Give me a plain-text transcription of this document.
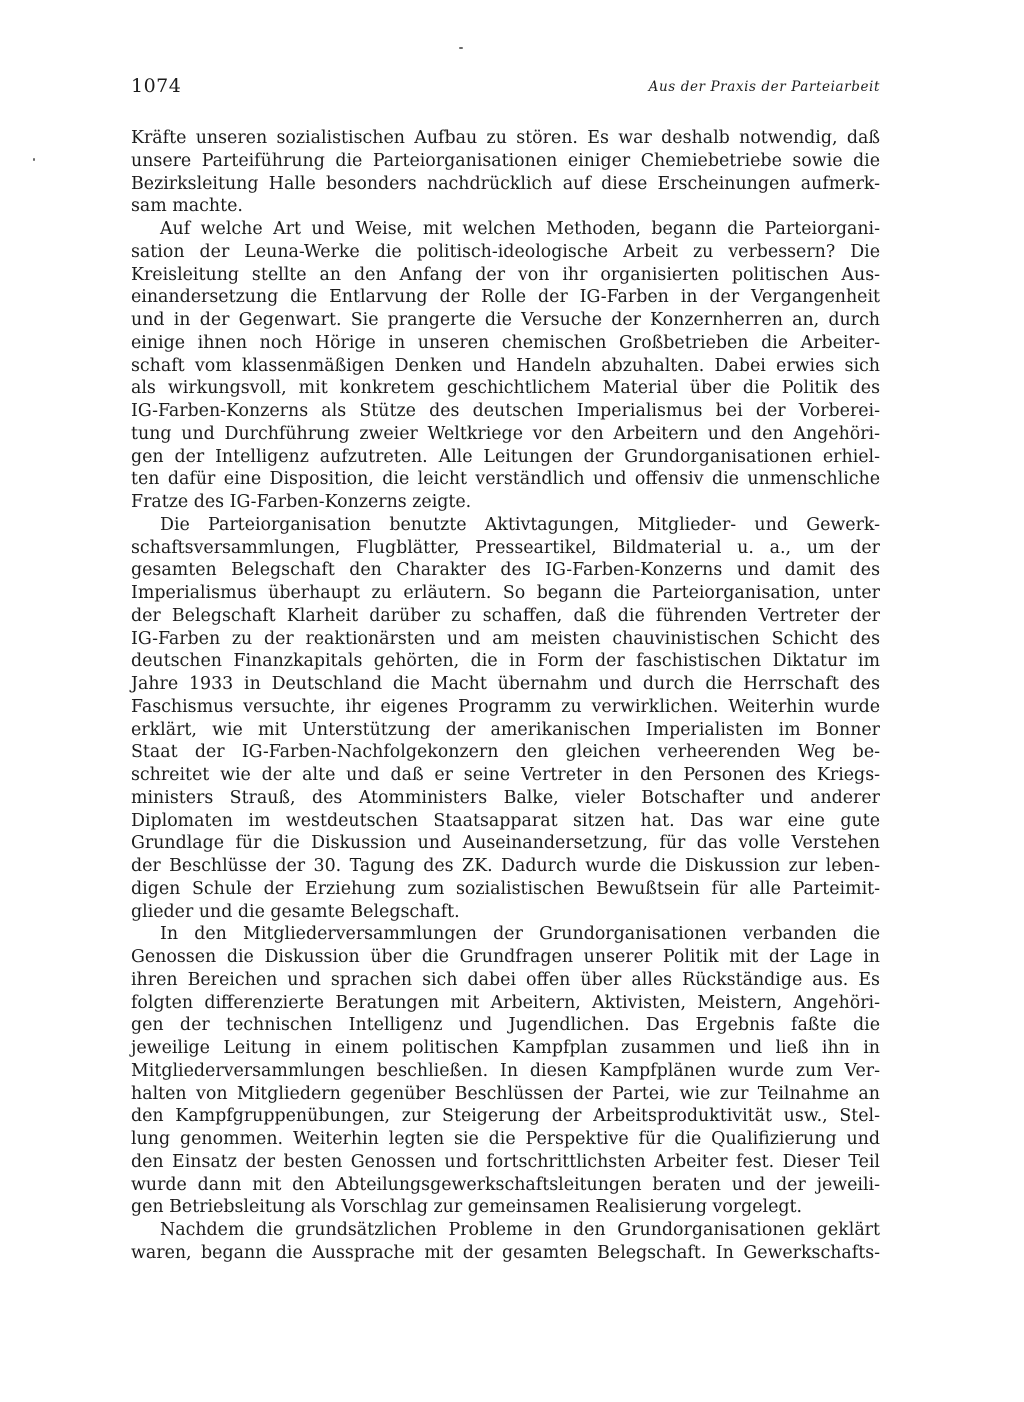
1074	Aus der Praxis der Parteiarbeit
Kräfte unseren sozialistischen Aufbau zu stören. Es war deshalb notwendig, daß
unsere Parteiführung die Parteiorganisationen einiger Chemiebetriebe sowie die
Bezirksleitung Halle besonders nachdrücklich auf diese Erscheinungen aufmerk-
sam machte.
Auf welche Art und Weise, mit welchen Methoden, begann die Parteiorgani-
sation der Leuna-Werke die politisch-ideologische Arbeit zu verbessern? Die
Kreisleitung stellte an den Anfang der von ihr organisierten politischen Aus-
einandersetzung die Entlarvung der Rolle der IG-Farben in der Vergangenheit
und in der Gegenwart. Sie prangerte die Versuche der Konzernherren an, durch
einige ihnen noch Hörige in unseren chemischen Großbetrieben die Arbeiter-
schaft vom klassenmäßigen Denken und Handeln abzuhalten. Dabei erwies sich
als wirkungsvoll, mit konkretem geschichtlichem Material über die Politik des
IG-Farben-Konzerns als Stütze des deutschen Imperialismus bei der Vorberei-
tung und Durchführung zweier Weltkriege vor den Arbeitern und den Angehöri-
gen der Intelligenz aufzutreten. Alle Leitungen der Grundorganisationen erhiel-
ten dafür eine Disposition, die leicht verständlich und offensiv die unmenschliche
Fratze des IG-Farben-Konzerns zeigte.
Die Parteiorganisation benutzte Aktivtagungen, Mitglieder- und Gewerk-
schaftsversammlungen, Flugblätter, Presseartikel, Bildmaterial u. a., um der
gesamten Belegschaft den Charakter des IG-Farben-Konzerns und damit des
Imperialismus überhaupt zu erläutern. So begann die Parteiorganisation, unter
der Belegschaft Klarheit darüber zu schaffen, daß die führenden Vertreter der
IG-Farben zu der reaktionärsten und am meisten chauvinistischen Schicht des
deutschen Finanzkapitals gehörten, die in Form der faschistischen Diktatur im
Jahre 1933 in Deutschland die Macht übernahm und durch die Herrschaft des
Faschismus versuchte, ihr eigenes Programm zu verwirklichen. Weiterhin wurde
erklärt, wie mit Unterstützung der amerikanischen Imperialisten im Bonner
Staat der IG-Farben-Nachfolgekonzern den gleichen verheerenden Weg be-
schreitet wie der alte und daß er seine Vertreter in den Personen des Kriegs-
ministers Strauß, des Atomministers Balke, vieler Botschafter und anderer
Diplomaten im westdeutschen Staatsapparat sitzen hat. Das war eine gute
Grundlage für die Diskussion und Auseinandersetzung, für das volle Verstehen
der Beschlüsse der 30. Tagung des ZK. Dadurch wurde die Diskussion zur leben-
digen Schule der Erziehung zum sozialistischen Bewußtsein für alle Parteimit-
glieder und die gesamte Belegschaft.
In den Mitgliederversammlungen der Grundorganisationen verbanden die
Genossen die Diskussion über die Grundfragen unserer Politik mit der Lage in
ihren Bereichen und sprachen sich dabei offen über alles Rückständige aus. Es
folgten differenzierte Beratungen mit Arbeitern, Aktivisten, Meistern, Angehöri-
gen der technischen Intelligenz und Jugendlichen. Das Ergebnis faßte die
jeweilige Leitung in einem politischen Kampfplan zusammen und ließ ihn in
Mitgliederversammlungen beschließen. In diesen Kampfplänen wurde zum Ver-
halten von Mitgliedern gegenüber Beschlüssen der Partei, wie zur Teilnahme an
den Kampfgruppenübungen, zur Steigerung der Arbeitsproduktivität usw., Stel-
lung genommen. Weiterhin legten sie die Perspektive für die Qualifizierung und
den Einsatz der besten Genossen und fortschrittlichsten Arbeiter fest. Dieser Teil
wurde dann mit den Abteilungsgewerkschaftsleitungen beraten und der jeweili-
gen Betriebsleitung als Vorschlag zur gemeinsamen Realisierung vorgelegt.
Nachdem die grundsätzlichen Probleme in den Grundorganisationen geklärt
waren, begann die Aussprache mit der gesamten Belegschaft. In Gewerkschafts-
